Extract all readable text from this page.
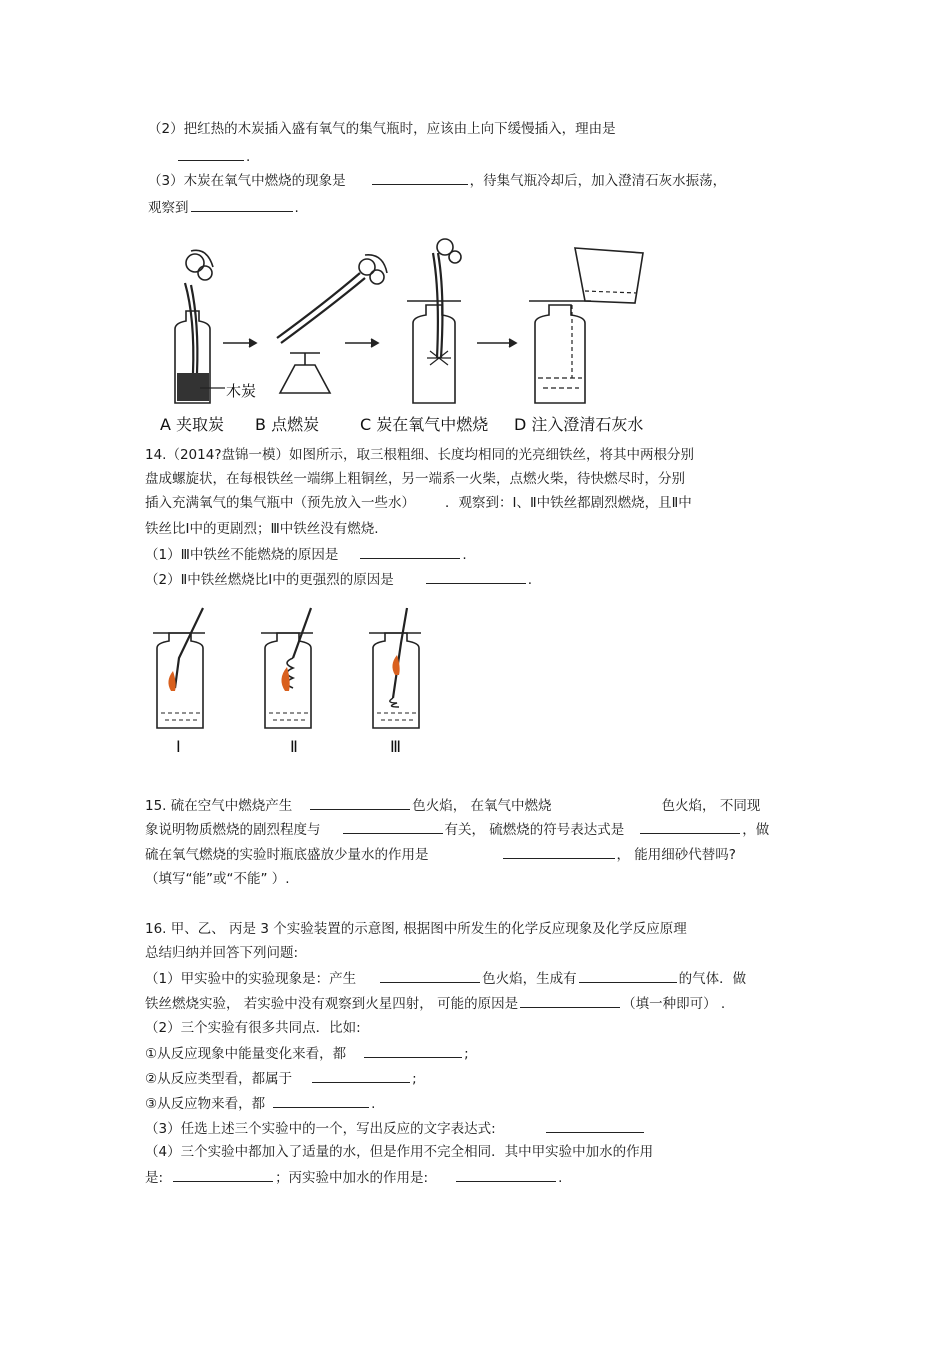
（2）把红热的木炭插入盛有氧气的集气瓶时，应该由上向下缓慢插入，理由是
.
（3）木炭在氧气中燃烧的现象是	，待集气瓶冷却后，加入澄清石灰水振荡，
观察到	.
木炭
A 夹取炭 B 点燃炭	C 炭在氧气中燃烧 D 注入澄清石灰水
14.（2014?盘锦一模）如图所示，取三根粗细、长度均相同的光亮细铁丝，将其中两根分别
盘成螺旋状，在每根铁丝一端绑上粗铜丝，另一端系一火柴，点燃火柴，待快燃尽时，分别
插入充满氧气的集气瓶中（预先放入一些水） ．观察到：Ⅰ、Ⅱ中铁丝都剧烈燃烧，且Ⅱ中
铁丝比Ⅰ中的更剧烈；Ⅲ中铁丝没有燃烧.
（1）Ⅲ中铁丝不能燃烧的原因是	.
（2）Ⅱ中铁丝燃烧比Ⅰ中的更强烈的原因是	.
Ⅰ	Ⅱ	Ⅲ
15. 硫在空气中燃烧产生	色火焰， 在氧气中燃烧	色火焰， 不同现
象说明物质燃烧的剧烈程度与	有关， 硫燃烧的符号表达式是	，做
硫在氧气燃烧的实验时瓶底盛放少量水的作用是	， 能用细砂代替吗?
（填写“能”或“不能” ）.
16. 甲、乙、 丙是 3 个实验装置的示意图, 根据图中所发生的化学反应现象及化学反应原理
总结归纳并回答下列问题:
（1）甲实验中的实验现象是：产生	色火焰，生成有	的气体．做
铁丝燃烧实验， 若实验中没有观察到火星四射， 可能的原因是	（填一种即可） .
（2）三个实验有很多共同点．比如:
①从反应现象中能量变化来看，都	;
②从反应类型看，都属于	;
③从反应物来看，都	.
（3）任选上述三个实验中的一个，写出反应的文字表达式:
（4）三个实验中都加入了适量的水，但是作用不完全相同．其中甲实验中加水的作用
是:	；丙实验中加水的作用是:	.
